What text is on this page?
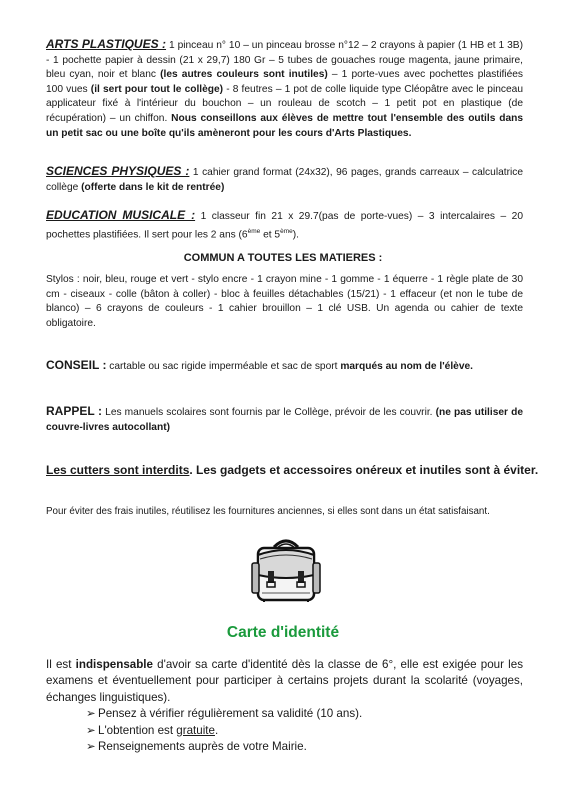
ARTS PLASTIQUES : 1 pinceau n° 10 – un pinceau brosse n°12 – 2 crayons à papier (1 HB et 1 3B) - 1 pochette papier à dessin (21 x 29,7) 180 Gr – 5 tubes de gouaches rouge magenta, jaune primaire, bleu cyan, noir et blanc (les autres couleurs sont inutiles) – 1 porte-vues avec pochettes plastifiées 100 vues (il sert pour tout le collège) - 8 feutres – 1 pot de colle liquide type Cléopâtre avec le pinceau applicateur fixé à l'intérieur du bouchon – un rouleau de scotch – 1 petit pot en plastique (de récupération) – un chiffon. Nous conseillons aux élèves de mettre tout l'ensemble des outils dans un petit sac ou une boîte qu'ils amèneront pour les cours d'Arts Plastiques.
SCIENCES PHYSIQUES : 1 cahier grand format (24x32), 96 pages, grands carreaux – calculatrice collège (offerte dans le kit de rentrée)
EDUCATION MUSICALE : 1 classeur fin 21 x 29.7(pas de porte-vues) – 3 intercalaires – 20 pochettes plastifiées. Il sert pour les 2 ans (6ème et 5ème).
COMMUN A TOUTES LES MATIERES :
Stylos : noir, bleu, rouge et vert - stylo encre - 1 crayon mine - 1 gomme - 1 équerre - 1 règle plate de 30 cm - ciseaux - colle (bâton à coller) - bloc à feuilles détachables (15/21) - 1 effaceur (et non le tube de blanco) – 6 crayons de couleurs - 1 cahier brouillon – 1 clé USB. Un agenda ou cahier de texte obligatoire.
CONSEIL : cartable ou sac rigide imperméable et sac de sport marqués au nom de l'élève.
RAPPEL : Les manuels scolaires sont fournis par le Collège, prévoir de les couvrir. (ne pas utiliser de couvre-livres autocollant)
Les cutters sont interdits. Les gadgets et accessoires onéreux et inutiles sont à éviter.
Pour éviter des frais inutiles, réutilisez les fournitures anciennes, si elles sont dans un état satisfaisant.
Carte d'identité
Il est indispensable d'avoir sa carte d'identité dès la classe de 6°, elle est exigée pour les examens et éventuellement pour participer à certains projets durant la scolarité (voyages, échanges linguistiques).
➢ Pensez à vérifier régulièrement sa validité (10 ans).
➢ L'obtention est gratuite.
➢ Renseignements auprès de votre Mairie.
